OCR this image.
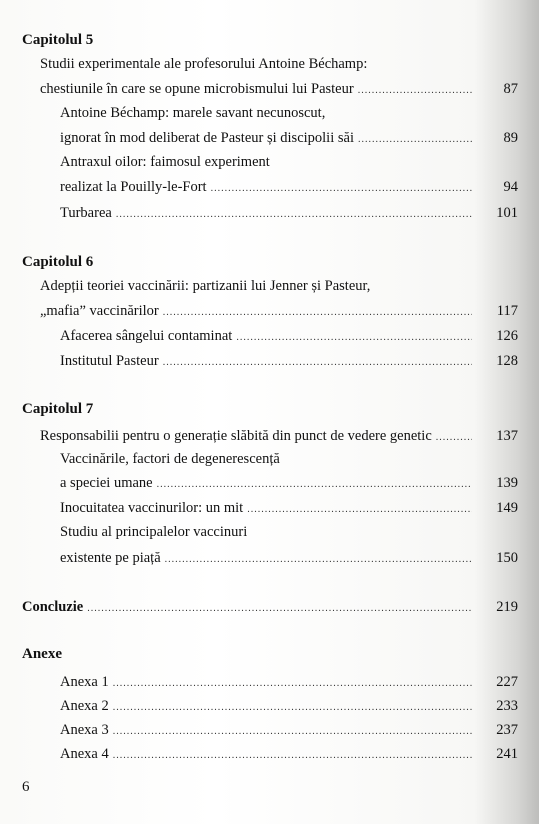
Capitolul 5
Studii experimentale ale profesorului Antoine Béchamp:
chestiunile în care se opune microbismului lui Pasteur .....	87
Antoine Béchamp: marele savant necunoscut,
ignorat în mod deliberat de Pasteur și discipolii săi .....	89
Antraxul oilor: faimosul experiment
realizat la Pouilly-le-Fort .....	94
Turbarea .....	101
Capitolul 6
Adepții teoriei vaccinării: partizanii lui Jenner și Pasteur,
„mafia” vaccinărilor .....	117
Afacerea sângelui contaminat .....	126
Institutul Pasteur .....	128
Capitolul 7
Responsabilii pentru o generație slăbită din punct de vedere genetic .....	137
Vaccinările, factori de degenerescență
a speciei umane .....	139
Inocuitatea vaccinurilor: un mit .....	149
Studiu al principalelor vaccinuri
existente pe piață .....	150
Concluzie .....	219
Anexe
Anexa 1 .....	227
Anexa 2 .....	233
Anexa 3 .....	237
Anexa 4 .....	241
6
